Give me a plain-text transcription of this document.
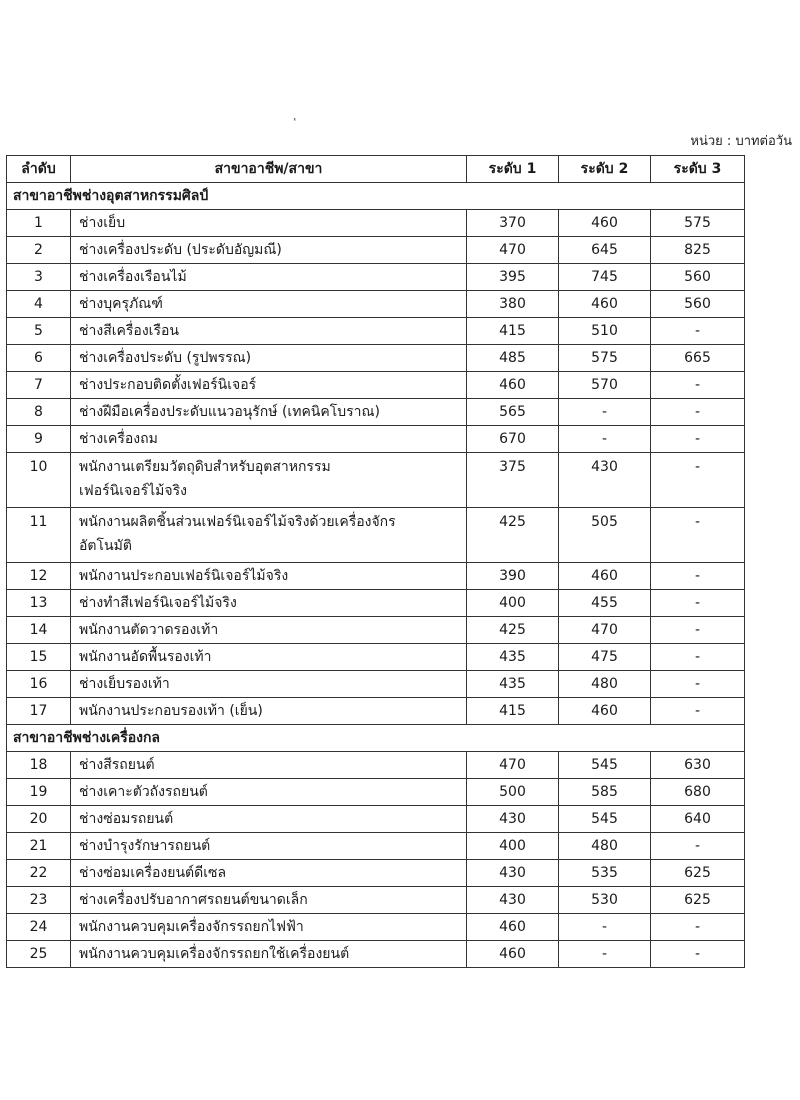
หน่วย : บาทต่อวัน
ลำดับ	สาขาอาชีพ/สาขา	ระดับ 1	ระดับ 2	ระดับ 3
สาขาอาชีพช่างอุตสาหกรรมศิลป์				
1	ช่างเย็บ	370	460	575
2	ช่างเครื่องประดับ (ประดับอัญมณี)	470	645	825
3	ช่างเครื่องเรือนไม้	395	745	560
4	ช่างบุครุภัณฑ์	380	460	560
5	ช่างสีเครื่องเรือน	415	510	-
6	ช่างเครื่องประดับ (รูปพรรณ)	485	575	665
7	ช่างประกอบติดตั้งเฟอร์นิเจอร์	460	570	-
8	ช่างฝีมือเครื่องประดับแนวอนุรักษ์ (เทคนิคโบราณ)	565	-	-
9	ช่างเครื่องถม	670	-	-
10	พนักงานเตรียมวัตถุดิบสำหรับอุตสาหกรรม
เฟอร์นิเจอร์ไม้จริง	375	430	-
11	พนักงานผลิตชิ้นส่วนเฟอร์นิเจอร์ไม้จริงด้วยเครื่องจักร
อัตโนมัติ	425	505	-
12	พนักงานประกอบเฟอร์นิเจอร์ไม้จริง	390	460	-
13	ช่างทำสีเฟอร์นิเจอร์ไม้จริง	400	455	-
14	พนักงานตัดวาดรองเท้า	425	470	-
15	พนักงานอัดพื้นรองเท้า	435	475	-
16	ช่างเย็บรองเท้า	435	480	-
17	พนักงานประกอบรองเท้า (เย็น)	415	460	-
สาขาอาชีพช่างเครื่องกล				
18	ช่างสีรถยนต์	470	545	630
19	ช่างเคาะตัวถังรถยนต์	500	585	680
20	ช่างซ่อมรถยนต์	430	545	640
21	ช่างบำรุงรักษารถยนต์	400	480	-
22	ช่างซ่อมเครื่องยนต์ดีเซล	430	535	625
23	ช่างเครื่องปรับอากาศรถยนต์ขนาดเล็ก	430	530	625
24	พนักงานควบคุมเครื่องจักรรถยกไฟฟ้า	460	-	-
25	พนักงานควบคุมเครื่องจักรรถยกใช้เครื่องยนต์	460	-	-
